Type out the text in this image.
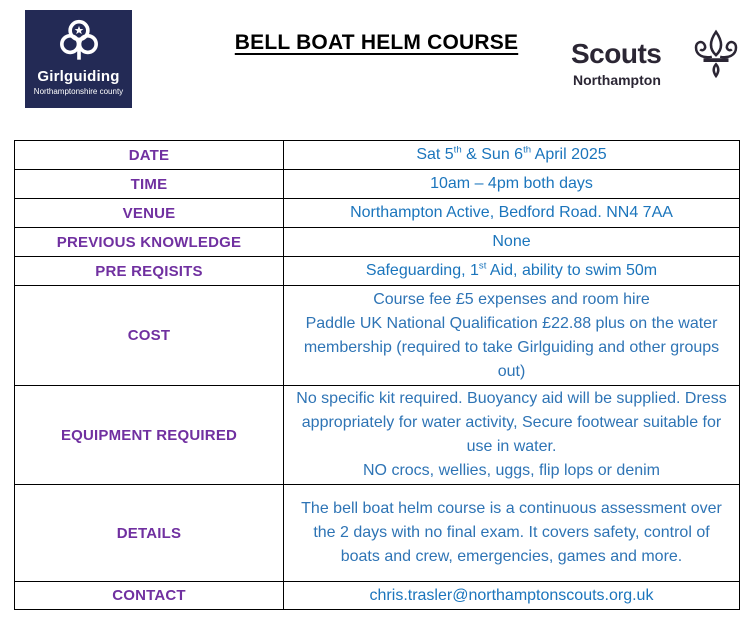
Girlguiding
Northamptonshire county
BELL BOAT HELM COURSE	Scouts
Northampton
DATE	Sat 5th & Sun 6th April 2025
TIME	10am – 4pm both days
VENUE	Northampton Active, Bedford Road. NN4 7AA
PREVIOUS KNOWLEDGE	None
PRE REQISITS	Safeguarding, 1st Aid, ability to swim 50m
COST	Course fee £5 expenses and room hire
Paddle UK National Qualification £22.88 plus on the water membership (required to take Girlguiding and other groups out)

EQUIPMENT REQUIRED	No specific kit required. Buoyancy aid will be supplied. Dress appropriately for water activity, Secure footwear suitable for use in water.
NO crocs, wellies, uggs, flip lops or denim

DETAILS	The bell boat helm course is a continuous assessment over the 2 days with no final exam. It covers safety, control of boats and crew, emergencies, games and more.

CONTACT	chris.trasler@northamptonscouts.org.uk
